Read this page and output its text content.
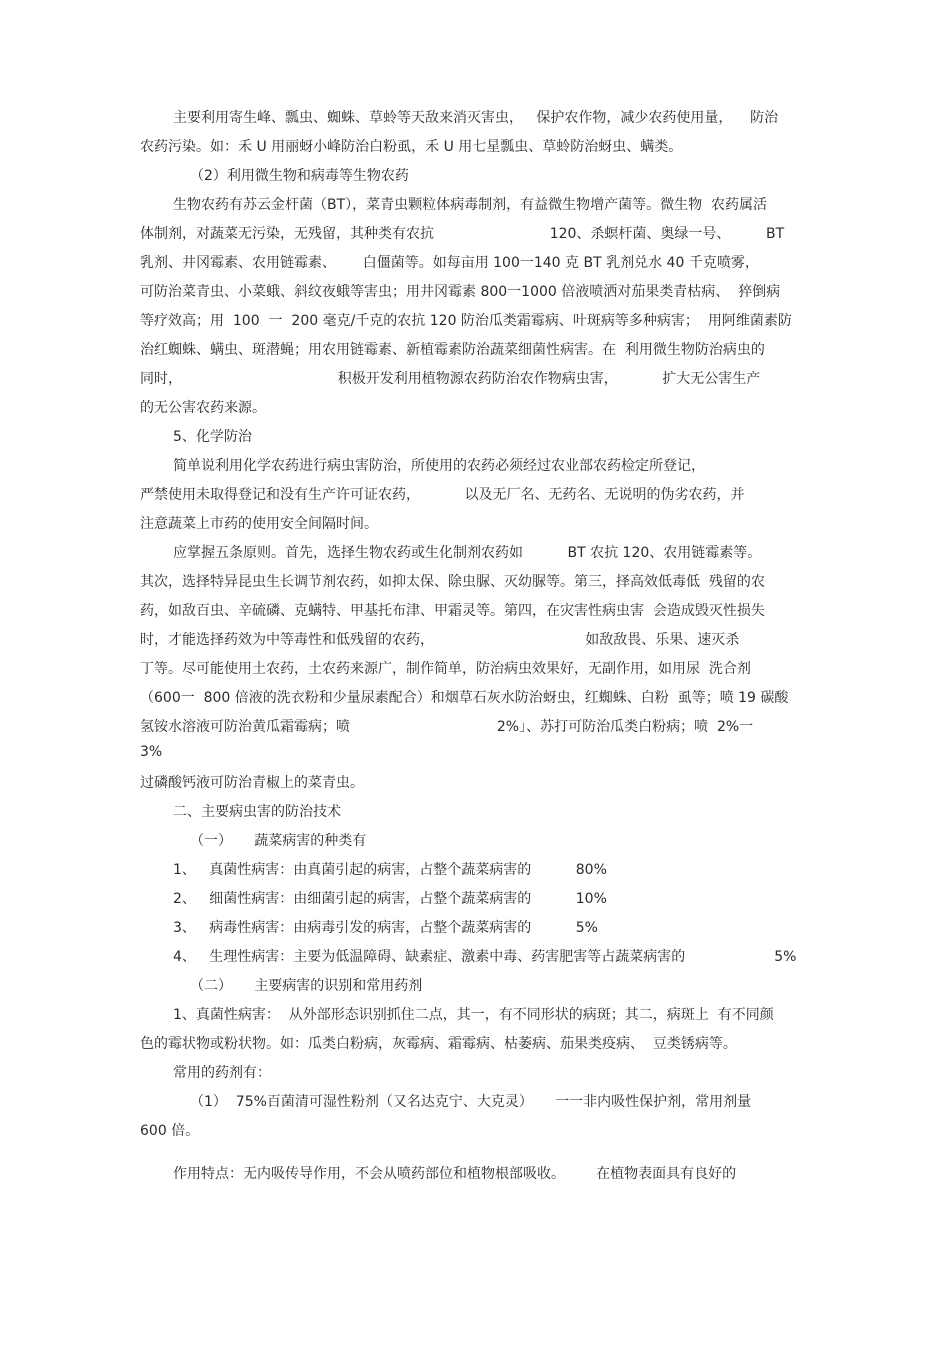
主要利用寄生峰、瓢虫、蜘蛛、草蛉等天敌来消灭害虫，   保护农作物，减少农药使用量，    防治
农药污染。如：禾 U 用丽蚜小峰防治白粉虱，禾 U 用七星瓢虫、草蛉防治蚜虫、螨类。
（2）利用微生物和病毒等生物农药
生物农药有苏云金杆菌（BT），菜青虫颗粒体病毒制剂，有益微生物增产菌等。微生物  农药属活
体制剂，对蔬菜无污染，无残留，其种类有农抗                          120、杀螟杆菌、奥绿一号、        BT
乳剂、井冈霉素、农用链霉素、      白僵菌等。如每亩用 100一140 克 BT 乳剂兑水 40 千克喷雾，
可防治菜青虫、小菜蛾、斜纹夜蛾等害虫；用井冈霉素 800一1000 倍液喷洒对茄果类青枯病、  猝倒病
等疗效高；用  100  一  200 毫克/千克的农抗 120 防治瓜类霜霉病、叶斑病等多种病害；  用阿维菌素防
治红蜘蛛、螨虫、斑潜蝇；用农用链霉素、新植霉素防治蔬菜细菌性病害。在  利用微生物防治病虫的
同时，                                   积极开发利用植物源农药防治农作物病虫害，          扩大无公害生产
的无公害农药来源。
5、化学防治
简单说利用化学农药进行病虫害防治，所使用的农药必须经过农业部农药检定所登记，
严禁使用未取得登记和没有生产许可证农药，          以及无厂名、无药名、无说明的伪劣农药，并
注意蔬菜上市药的使用安全间隔时间。
应掌握五条原则。首先，选择生物农药或生化制剂农药如          BT 农抗 120、农用链霉素等。
其次，选择特异昆虫生长调节剂农药，如抑太保、除虫脲、灭幼脲等。第三，择高效低毒低  残留的农
药，如敌百虫、辛硫磷、克螨特、甲基托布津、甲霜灵等。第四，在灾害性病虫害  会造成毁灭性损失
时，才能选择药效为中等毒性和低残留的农药，                                  如敌敌畏、乐果、速灭杀
丁等。尽可能使用土农药，土农药来源广，制作简单，防治病虫效果好，无副作用，如用尿  洗合剂
（600一  800 倍液的洗衣粉和少量尿素配合）和烟草石灰水防治蚜虫，红蜘蛛、白粉  虱等；喷 19 碳酸
氢铵水溶液可防治黄瓜霜霉病；喷                                 2%」、苏打可防治瓜类白粉病；喷  2%一
3%
过磷酸钙液可防治青椒上的菜青虫。
二、主要病虫害的防治技术
（一）     蔬菜病害的种类有
1、   真菌性病害：由真菌引起的病害，占整个蔬菜病害的          80%
2、   细菌性病害：由细菌引起的病害，占整个蔬菜病害的          10%
3、   病毒性病害：由病毒引发的病害，占整个蔬菜病害的          5%
4、   生理性病害：主要为低温障碍、缺素症、激素中毒、药害肥害等占蔬菜病害的                    5%
（二）     主要病害的识别和常用药剂
1、真菌性病害：  从外部形态识别抓住二点，其一，有不同形状的病斑；其二，病斑上  有不同颜
色的霉状物或粉状物。如：瓜类白粉病，灰霉病、霜霉病、枯萎病、茄果类疫病、  豆类锈病等。
常用的药剂有：
（1）  75%百菌清可湿性粉剂（又名达克宁、大克灵）     一一非内吸性保护剂，常用剂量
600 倍。
作用特点：无内吸传导作用，不会从喷药部位和植物根部吸收。       在植物表面具有良好的
